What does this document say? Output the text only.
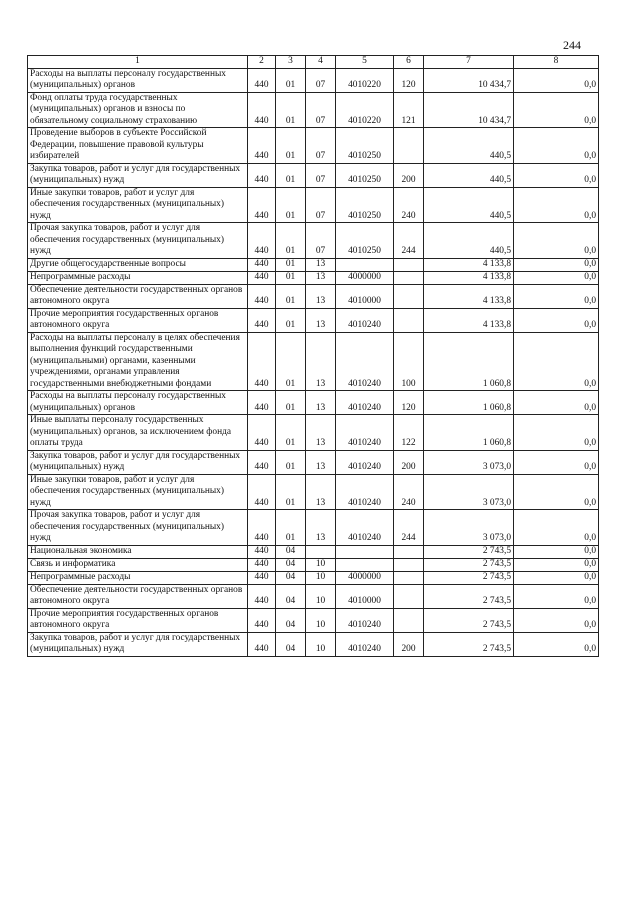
244
1	2	3	4	5	6	7	8
Расходы на выплаты персоналу государственных (муниципальных) органов	440	01	07	4010220	120	10 434,7	0,0
Фонд оплаты труда государственных (муниципальных) органов и взносы по обязательному социальному страхованию	440	01	07	4010220	121	10 434,7	0,0
Проведение выборов в субъекте Российской Федерации, повышение правовой культуры избирателей	440	01	07	4010250		440,5	0,0
Закупка товаров, работ и услуг для государственных (муниципальных) нужд	440	01	07	4010250	200	440,5	0,0
Иные закупки товаров, работ и услуг для обеспечения государственных (муниципальных) нужд	440	01	07	4010250	240	440,5	0,0
Прочая закупка товаров, работ и услуг для обеспечения государственных (муниципальных) нужд	440	01	07	4010250	244	440,5	0,0
Другие общегосударственные вопросы	440	01	13			4 133,8	0,0
Непрограммные расходы	440	01	13	4000000		4 133,8	0,0
Обеспечение деятельности государственных органов автономного округа	440	01	13	4010000		4 133,8	0,0
Прочие мероприятия государственных органов автономного округа	440	01	13	4010240		4 133,8	0,0
Расходы на выплаты персоналу в целях обеспечения выполнения функций государственными (муниципальными) органами, казенными учреждениями, органами управления государственными внебюджетными фондами	440	01	13	4010240	100	1 060,8	0,0
Расходы на выплаты персоналу государственных (муниципальных) органов	440	01	13	4010240	120	1 060,8	0,0
Иные выплаты персоналу государственных (муниципальных) органов, за исключением фонда оплаты труда	440	01	13	4010240	122	1 060,8	0,0
Закупка товаров, работ и услуг для государственных (муниципальных) нужд	440	01	13	4010240	200	3 073,0	0,0
Иные закупки товаров, работ и услуг для обеспечения государственных (муниципальных) нужд	440	01	13	4010240	240	3 073,0	0,0
Прочая закупка товаров, работ и услуг для обеспечения государственных (муниципальных) нужд	440	01	13	4010240	244	3 073,0	0,0
Национальная экономика	440	04				2 743,5	0,0
Связь и информатика	440	04	10			2 743,5	0,0
Непрограммные расходы	440	04	10	4000000		2 743,5	0,0
Обеспечение деятельности государственных органов автономного округа	440	04	10	4010000		2 743,5	0,0
Прочие мероприятия государственных органов автономного округа	440	04	10	4010240		2 743,5	0,0
Закупка товаров, работ и услуг для государственных (муниципальных) нужд	440	04	10	4010240	200	2 743,5	0,0
